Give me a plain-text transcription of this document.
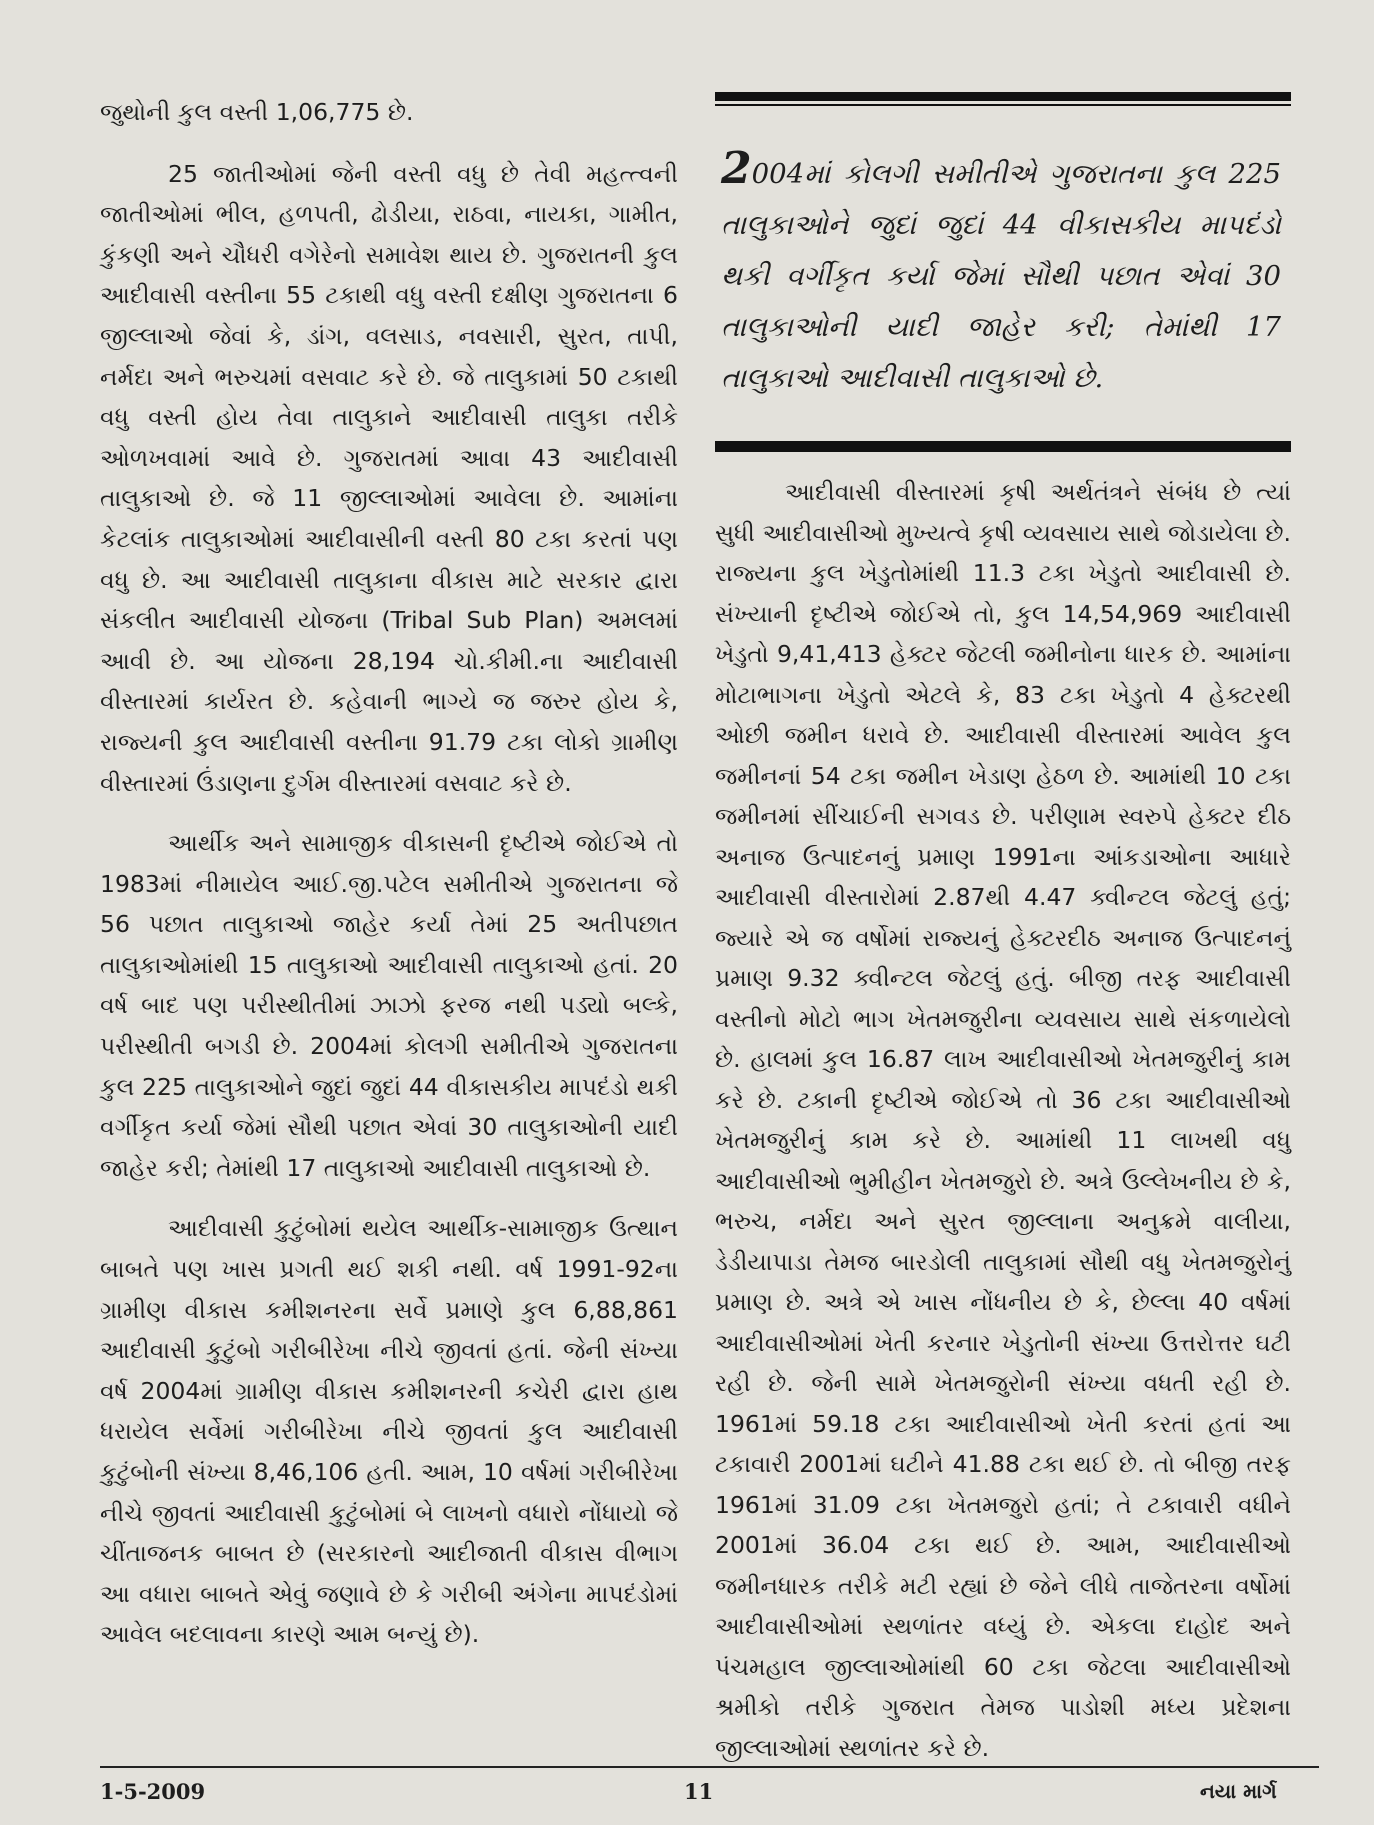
જુથોની કુલ વસ્તી 1,06,775 છે.

25 જાતીઓમાં જેની વસ્તી વધુ છે તેવી મહત્ત્વની જાતીઓમાં ભીલ, હળપતી, ઢોડીયા, રાઠવા, નાયકા, ગામીત, કુંકણી અને ચૌધરી વગેરેનો સમાવેશ થાય છે. ગુજરાતની કુલ આદીવાસી વસ્તીના 55 ટકાથી વધુ વસ્તી દક્ષીણ ગુજરાતના 6 જીલ્લાઓ જેવાં કે, ડાંગ, વલસાડ, નવસારી, સુરત, તાપી, નર્મદા અને ભરુચમાં વસવાટ કરે છે. જે તાલુકામાં 50 ટકાથી વધુ વસ્તી હોય તેવા તાલુકાને આદીવાસી તાલુકા તરીકે ઓળખવામાં આવે છે. ગુજરાતમાં આવા 43 આદીવાસી તાલુકાઓ છે. જે 11 જીલ્લાઓમાં આવેલા છે. આમાંના કેટલાંક તાલુકાઓમાં આદીવાસીની વસ્તી 80 ટકા કરતાં પણ વધુ છે. આ આદીવાસી તાલુકાના વીકાસ માટે સરકાર દ્વારા સંકલીત આદીવાસી યોજના (Tribal Sub Plan) અમલમાં આવી છે. આ યોજના 28,194 ચો.કીમી.ના આદીવાસી વીસ્તારમાં કાર્યરત છે. કહેવાની ભાગ્યે જ જરુર હોય કે, રાજ્યની કુલ આદીવાસી વસ્તીના 91.79 ટકા લોકો ગ્રામીણ વીસ્તારમાં ઉંડાણના દુર્ગમ વીસ્તારમાં વસવાટ કરે છે.

આર્થીક અને સામાજીક વીકાસની દૃષ્ટીએ જોઈએ તો 1983માં નીમાયેલ આઈ.જી.પટેલ સમીતીએ ગુજરાતના જે 56 પછાત તાલુકાઓ જાહેર કર્યા તેમાં 25 અતીપછાત તાલુકાઓમાંથી 15 તાલુકાઓ આદીવાસી તાલુકાઓ હતાં. 20 વર્ષ બાદ પણ પરીસ્થીતીમાં ઝાઝો ફરજ નથી પડ્યો બલ્કે, પરીસ્થીતી બગડી છે. 2004માં કોલગી સમીતીએ ગુજરાતના કુલ 225 તાલુકાઓને જુદાં જુદાં 44 વીકાસકીય માપદંડો થકી વર્ગીકૃત કર્યા જેમાં સૌથી પછાત એવાં 30 તાલુકાઓની યાદી જાહેર કરી; તેમાંથી 17 તાલુકાઓ આદીવાસી તાલુકાઓ છે.

આદીવાસી કુટુંબોમાં થયેલ આર્થીક-સામાજીક ઉત્થાન બાબતે પણ ખાસ પ્રગતી થઈ શકી નથી. વર્ષ 1991-92ના ગ્રામીણ વીકાસ કમીશનરના સર્વે પ્રમાણે કુલ 6,88,861 આદીવાસી કુટુંબો ગરીબીરેખા નીચે જીવતાં હતાં. જેની સંખ્યા વર્ષ 2004માં ગ્રામીણ વીકાસ કમીશનરની કચેરી દ્વારા હાથ ધરાયેલ સર્વેમાં ગરીબીરેખા નીચે જીવતાં કુલ આદીવાસી કુટુંબોની સંખ્યા 8,46,106 હતી. આમ, 10 વર્ષમાં ગરીબીરેખા નીચે જીવતાં આદીવાસી કુટુંબોમાં બે લાખનો વધારો નોંધાયો જે ચીંતાજનક બાબત છે (સરકારનો આદીજાતી વીકાસ વીભાગ આ વધારા બાબતે એવું જણાવે છે કે ગરીબી અંગેના માપદંડોમાં આવેલ બદલાવના કારણે આમ બન્યું છે).

2004માં કોલગી સમીતીએ ગુજરાતના કુલ 225 તાલુકાઓને જુદાં જુદાં 44 વીકાસકીય માપદંડો થકી વર્ગીકૃત કર્યા જેમાં સૌથી પછાત એવાં 30 તાલુકાઓની યાદી જાહેર કરી; તેમાંથી 17 તાલુકાઓ આદીવાસી તાલુકાઓ છે.

આદીવાસી વીસ્તારમાં કૃષી અર્થતંત્રને સંબંધ છે ત્યાં સુધી આદીવાસીઓ મુખ્યત્વે કૃષી વ્યવસાય સાથે જોડાયેલા છે. રાજ્યના કુલ ખેડુતોમાંથી 11.3 ટકા ખેડુતો આદીવાસી છે. સંખ્યાની દૃષ્ટીએ જોઈએ તો, કુલ 14,54,969 આદીવાસી ખેડુતો 9,41,413 હેક્ટર જેટલી જમીનોના ધારક છે. આમાંના મોટાભાગના ખેડુતો એટલે કે, 83 ટકા ખેડુતો 4 હેક્ટરથી ઓછી જમીન ધરાવે છે. આદીવાસી વીસ્તારમાં આવેલ કુલ જમીનનાં 54 ટકા જમીન ખેડાણ હેઠળ છે. આમાંથી 10 ટકા જમીનમાં સીંચાઈની સગવડ છે. પરીણામ સ્વરુપે હેક્ટર દીઠ અનાજ ઉત્પાદનનું પ્રમાણ 1991ના આંકડાઓના આધારે આદીવાસી વીસ્તારોમાં 2.87થી 4.47 ક્વીન્ટલ જેટલું હતું; જ્યારે એ જ વર્ષોમાં રાજ્યનું હેક્ટરદીઠ અનાજ ઉત્પાદનનું પ્રમાણ 9.32 ક્વીન્ટલ જેટલું હતું. બીજી તરફ આદીવાસી વસ્તીનો મોટો ભાગ ખેતમજુરીના વ્યવસાય સાથે સંકળાયેલો છે. હાલમાં કુલ 16.87 લાખ આદીવાસીઓ ખેતમજુરીનું કામ કરે છે. ટકાની દૃષ્ટીએ જોઈએ તો 36 ટકા આદીવાસીઓ ખેતમજુરીનું કામ કરે છે. આમાંથી 11 લાખથી વધુ આદીવાસીઓ ભુમીહીન ખેતમજુરો છે. અત્રે ઉલ્લેખનીય છે કે, ભરુચ, નર્મદા અને સુરત જીલ્લાના અનુક્રમે વાલીયા, ડેડીયાપાડા તેમજ બારડોલી તાલુકામાં સૌથી વધુ ખેતમજુરોનું પ્રમાણ છે. અત્રે એ ખાસ નોંધનીય છે કે, છેલ્લા 40 વર્ષમાં આદીવાસીઓમાં ખેતી કરનાર ખેડુતોની સંખ્યા ઉત્તરોત્તર ઘટી રહી છે. જેની સામે ખેતમજુરોની સંખ્યા વધતી રહી છે. 1961માં 59.18 ટકા આદીવાસીઓ ખેતી કરતાં હતાં આ ટકાવારી 2001માં ઘટીને 41.88 ટકા થઈ છે. તો બીજી તરફ 1961માં 31.09 ટકા ખેતમજુરો હતાં; તે ટકાવારી વધીને 2001માં 36.04 ટકા થઈ છે. આમ, આદીવાસીઓ જમીનધારક તરીકે મટી રહ્યાં છે જેને લીધે તાજેતરના વર્ષોમાં આદીવાસીઓમાં સ્થળાંતર વધ્યું છે. એકલા દાહોદ અને પંચમહાલ જીલ્લાઓમાંથી 60 ટકા જેટલા આદીવાસીઓ શ્રમીકો તરીકે ગુજરાત તેમજ પાડોશી મધ્ય પ્રદેશના જીલ્લાઓમાં સ્થળાંતર કરે છે.

1-5-2009	11	નયા માર્ગ
